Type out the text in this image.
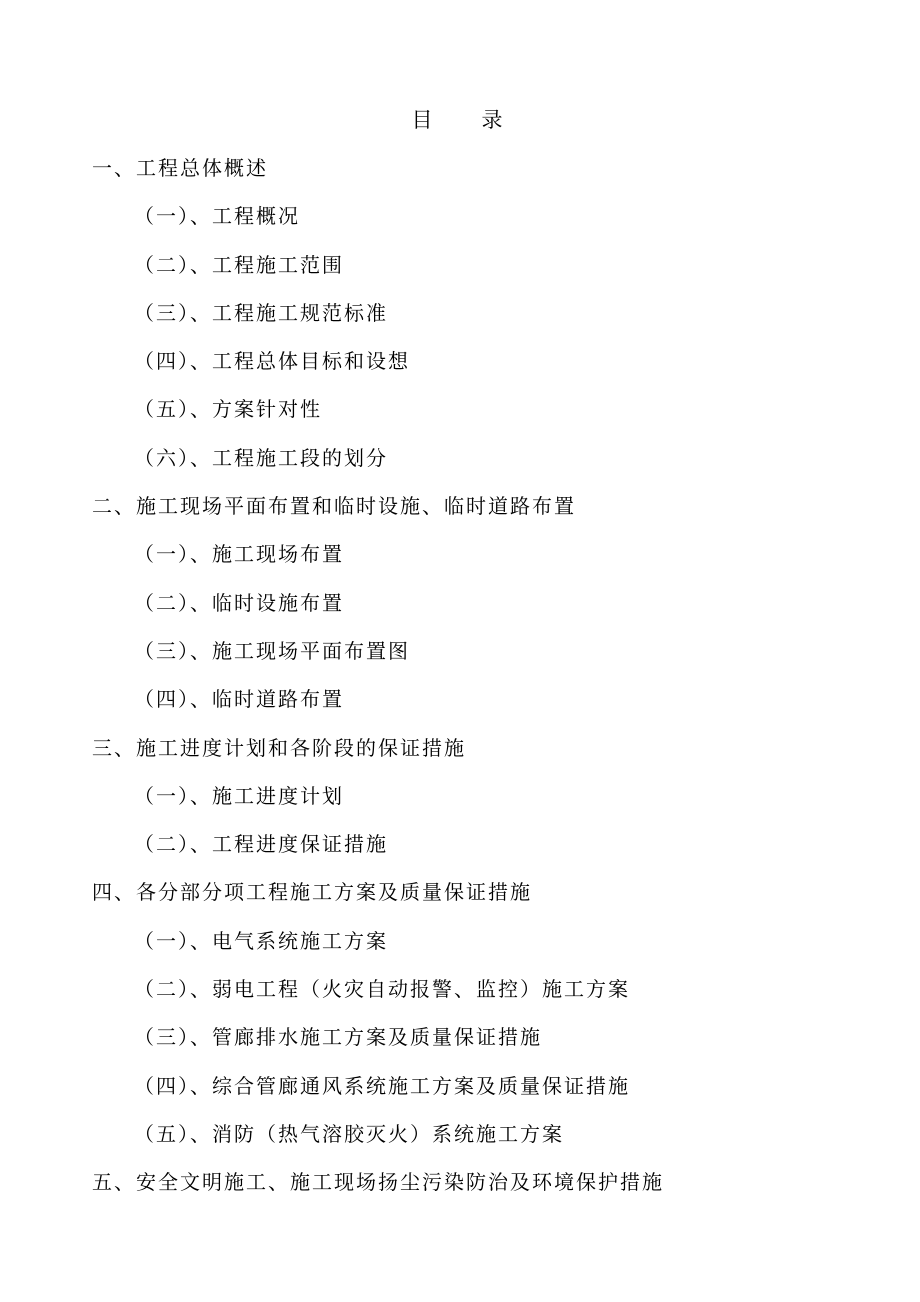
目　录
一、工程总体概述
（一）、工程概况
（二）、工程施工范围
（三）、工程施工规范标准
（四）、工程总体目标和设想
（五）、方案针对性
（六）、工程施工段的划分
二、施工现场平面布置和临时设施、临时道路布置
（一）、施工现场布置
（二）、临时设施布置
（三）、施工现场平面布置图
（四）、临时道路布置
三、施工进度计划和各阶段的保证措施
（一）、施工进度计划
（二）、工程进度保证措施
四、各分部分项工程施工方案及质量保证措施
（一）、电气系统施工方案
（二）、弱电工程（火灾自动报警、监控）施工方案
（三）、管廊排水施工方案及质量保证措施
（四）、综合管廊通风系统施工方案及质量保证措施
（五）、消防（热气溶胶灭火）系统施工方案
五、安全文明施工、施工现场扬尘污染防治及环境保护措施
